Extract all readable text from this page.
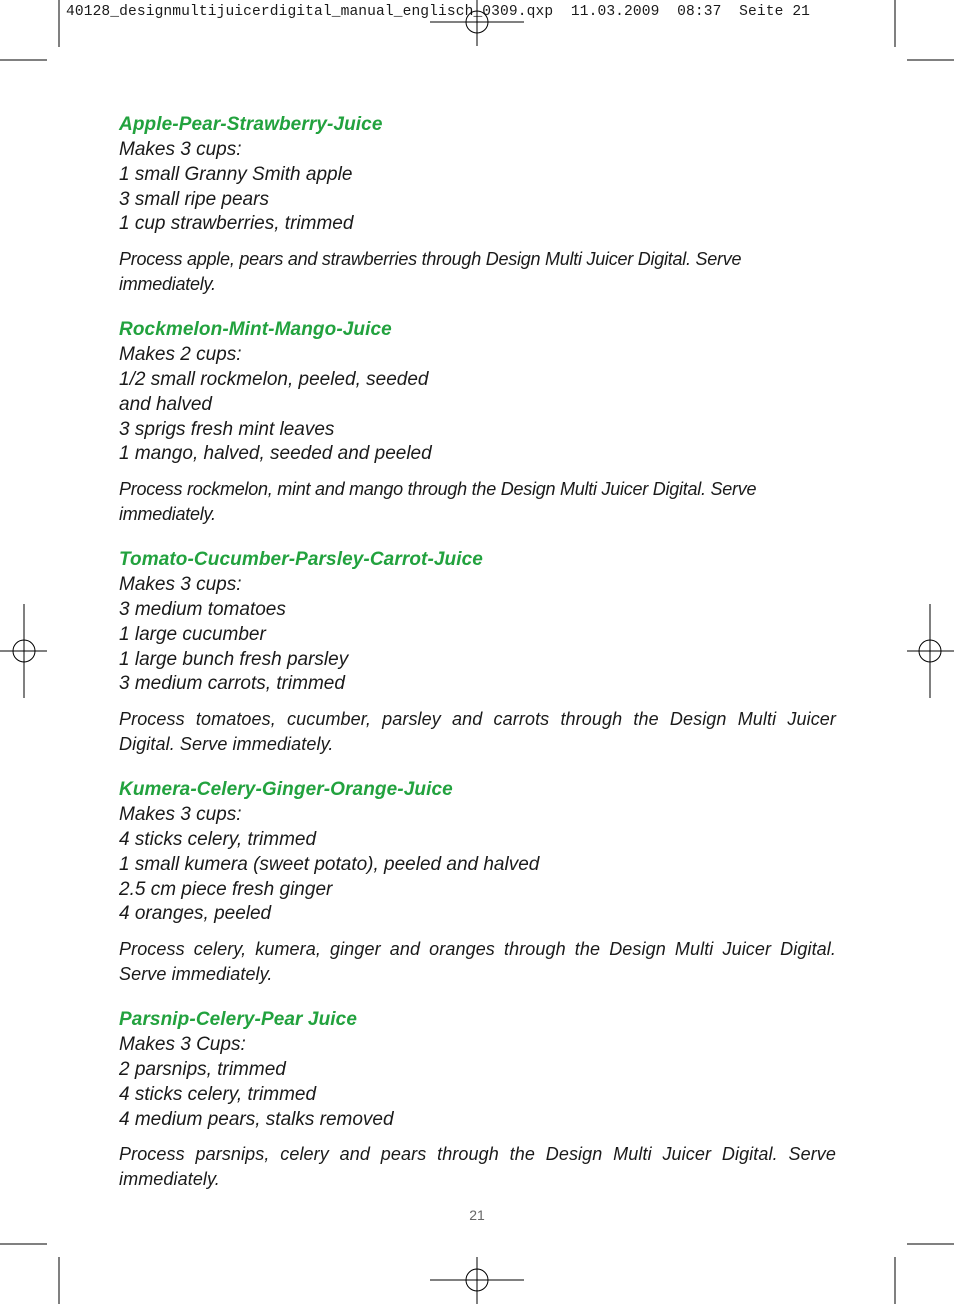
40128_designmultijuicerdigital_manual_englisch_0309.qxp  11.03.2009  08:37  Seite 21
Apple-Pear-Strawberry-Juice
Makes 3 cups:
1 small Granny Smith apple
3 small ripe pears
1 cup strawberries, trimmed
Process apple, pears and strawberries through Design Multi Juicer Digital. Serve immediately.
Rockmelon-Mint-Mango-Juice
Makes 2 cups:
1/2 small rockmelon, peeled, seeded
and halved
3 sprigs fresh mint leaves
1 mango, halved, seeded and peeled
Process rockmelon, mint and mango through the Design Multi Juicer Digital. Serve immediately.
Tomato-Cucumber-Parsley-Carrot-Juice
Makes 3 cups:
3 medium tomatoes
1 large cucumber
1 large bunch fresh parsley
3 medium carrots, trimmed
Process tomatoes, cucumber, parsley and carrots through the Design Multi Juicer Digital. Serve immediately.
Kumera-Celery-Ginger-Orange-Juice
Makes 3 cups:
4 sticks celery, trimmed
1 small kumera (sweet potato), peeled and halved
2.5 cm piece fresh ginger
4 oranges, peeled
Process celery, kumera, ginger and oranges through the Design Multi Juicer Digital. Serve immediately.
Parsnip-Celery-Pear Juice
Makes 3 Cups:
2 parsnips, trimmed
4 sticks celery, trimmed
4 medium pears, stalks removed
Process parsnips, celery and pears through the Design Multi Juicer Digital. Serve immediately.
21
